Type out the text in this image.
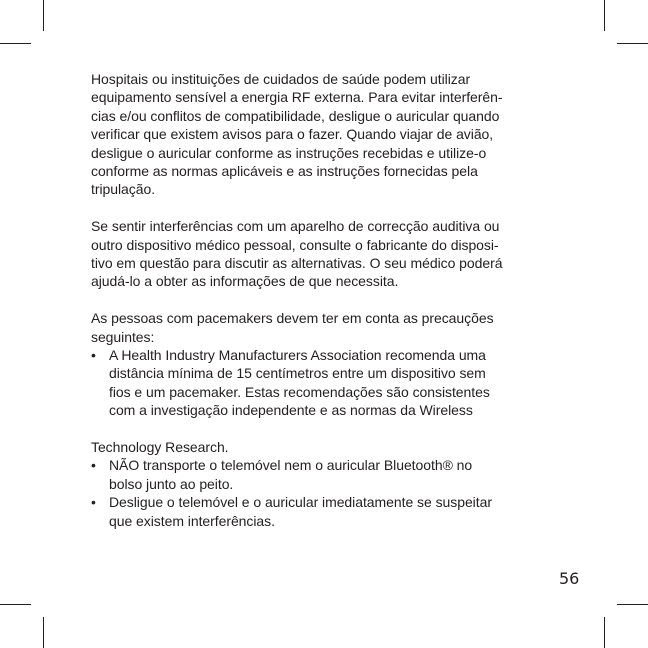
Hospitais ou instituições de cuidados de saúde podem utilizar
equipamento sensível a energia RF externa. Para evitar interferên-
cias e/ou conflitos de compatibilidade, desligue o auricular quando
verificar que existem avisos para o fazer. Quando viajar de avião,
desligue o auricular conforme as instruções recebidas e utilize-o
conforme as normas aplicáveis e as instruções fornecidas pela
tripulação.
Se sentir interferências com um aparelho de correcção auditiva ou
outro dispositivo médico pessoal, consulte o fabricante do disposi-
tivo em questão para discutir as alternativas. O seu médico poderá
ajudá-lo a obter as informações de que necessita.
As pessoas com pacemakers devem ter em conta as precauções
seguintes:
• A Health Industry Manufacturers Association recomenda uma
distância mínima de 15 centímetros entre um dispositivo sem
fios e um pacemaker. Estas recomendações são consistentes
com a investigação independente e as normas da Wireless
Technology Research.
• NÃO transporte o telemóvel nem o auricular Bluetooth® no
bolso junto ao peito.
• Desligue o telemóvel e o auricular imediatamente se suspeitar
que existem interferências.
56
